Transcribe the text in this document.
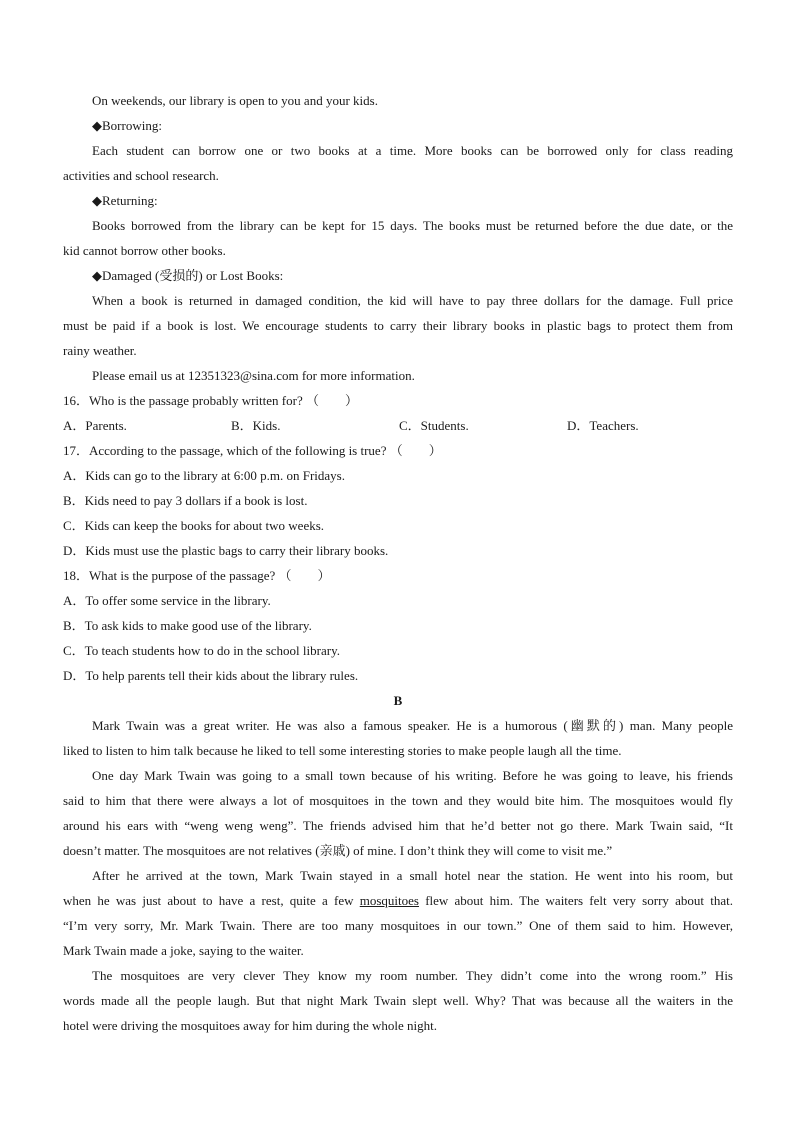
On weekends, our library is open to you and your kids.
◆Borrowing:
Each student can borrow one or two books at a time. More books can be borrowed only for class reading
activities and school research.
◆Returning:
Books borrowed from the library can be kept for 15 days. The books must be returned before the due date, or the
kid cannot borrow other books.
◆Damaged (受损的) or Lost Books:
When a book is returned in damaged condition, the kid will have to pay three dollars for the damage. Full price
must be paid if a book is lost. We encourage students to carry their library books in plastic bags to protect them from
rainy weather.
Please email us at 12351323@sina.com for more information.
16．Who is the passage probably written for? （　　）
A．Parents.	B．Kids.	C．Students.	D．Teachers.
17．According to the passage, which of the following is true? （　　）
A．Kids can go to the library at 6:00 p.m. on Fridays.
B．Kids need to pay 3 dollars if a book is lost.
C．Kids can keep the books for about two weeks.
D．Kids must use the plastic bags to carry their library books.
18．What is the purpose of the passage? （　　）
A．To offer some service in the library.
B．To ask kids to make good use of the library.
C．To teach students how to do in the school library.
D．To help parents tell their kids about the library rules.
B
Mark Twain was a great writer. He was also a famous speaker. He is a humorous (幽默的) man. Many people
liked to listen to him talk because he liked to tell some interesting stories to make people laugh all the time.
One day Mark Twain was going to a small town because of his writing. Before he was going to leave, his friends
said to him that there were always a lot of mosquitoes in the town and they would bite him. The mosquitoes would fly
around his ears with “weng weng weng”. The friends advised him that he’d better not go there. Mark Twain said, “It
doesn’t matter. The mosquitoes are not relatives (亲戚) of mine. I don’t think they will come to visit me.”
After he arrived at the town, Mark Twain stayed in a small hotel near the station. He went into his room, but
when he was just about to have a rest, quite a few mosquitoes flew about him. The waiters felt very sorry about that.
“I’m very sorry, Mr. Mark Twain. There are too many mosquitoes in our town.” One of them said to him. However,
Mark Twain made a joke, saying to the waiter.
The mosquitoes are very clever They know my room number. They didn’t come into the wrong room.” His
words made all the people laugh. But that night Mark Twain slept well. Why? That was because all the waiters in the
hotel were driving the mosquitoes away for him during the whole night.
